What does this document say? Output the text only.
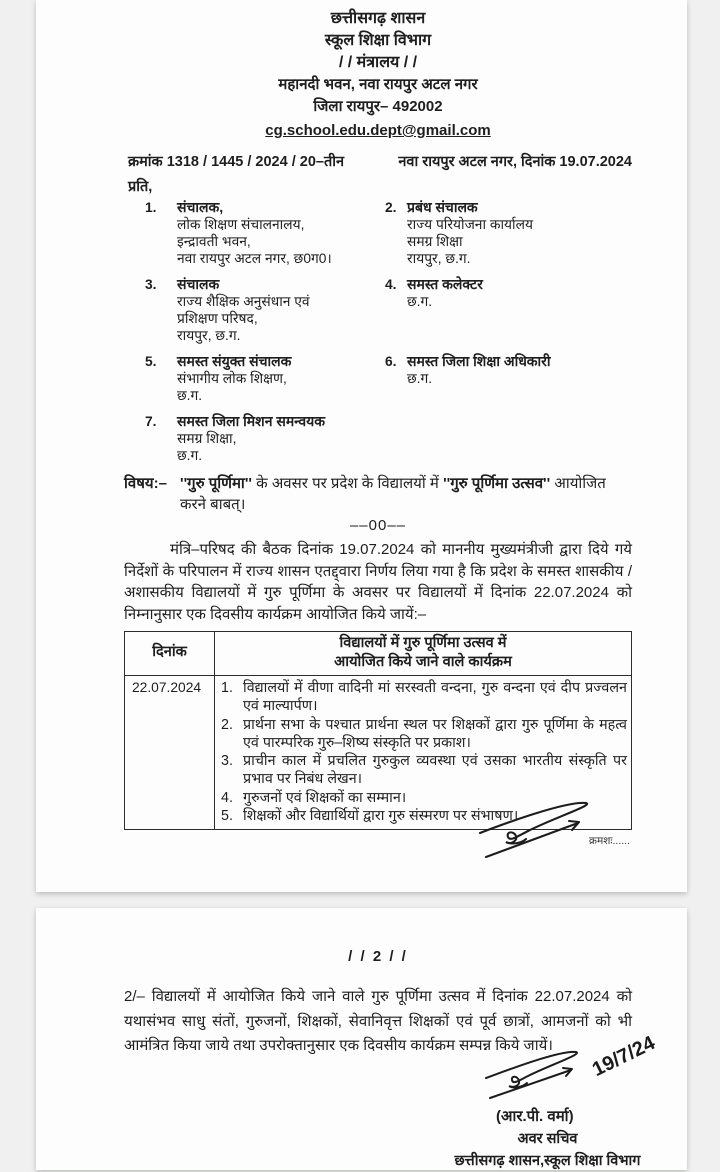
छत्तीसगढ़ शासन
स्कूल शिक्षा विभाग
/ / मंत्रालय / /
महानदी भवन, नवा रायपुर अटल नगर
जिला रायपुर– 492002
cg.school.edu.dept@gmail.com
क्रमांक 1318 / 1445 / 2024 / 20–तीन	नवा रायपुर अटल नगर, दिनांक 19.07.2024
प्रति,
1.	संचालक,
लोक शिक्षण संचालनालय,
इन्द्रावती भवन,
नवा रायपुर अटल नगर, छ0ग0।
2. प्रबंध संचालक
राज्य परियोजना कार्यालय
समग्र शिक्षा
रायपुर, छ.ग.
3.	संचालक
राज्य शैक्षिक अनुसंधान एवं
प्रशिक्षण परिषद,
रायपुर, छ.ग.
4. समस्त कलेक्टर
छ.ग.
5.	समस्त संयुक्त संचालक
संभागीय लोक शिक्षण,
छ.ग.
6. समस्त जिला शिक्षा अधिकारी
छ.ग.
7.	समस्त जिला मिशन समन्वयक
समग्र शिक्षा,
छ.ग.
विषय:– ''गुरु पूर्णिमा'' के अवसर पर प्रदेश के विद्यालयों में ''गुरु पूर्णिमा उत्सव'' आयोजित करने बाबत्।
––00––
मंत्रि–परिषद की बैठक दिनांक 19.07.2024 को माननीय मुख्यमंत्रीजी द्वारा दिये गये निर्देशों के परिपालन में राज्य शासन एतद्द्वारा निर्णय लिया गया है कि प्रदेश के समस्त शासकीय / अशासकीय विद्यालयों में गुरु पूर्णिमा के अवसर पर विद्यालयों में दिनांक 22.07.2024 को निम्नानुसार एक दिवसीय कार्यक्रम आयोजित किये जायें:–
दिनांक
विद्यालयों में गुरु पूर्णिमा उत्सव में
आयोजित किये जाने वाले कार्यक्रम
22.07.2024	1. विद्यालयों में वीणा वादिनी मां सरस्वती वन्दना, गुरु वन्दना एवं दीप प्रज्वलन एवं माल्यार्पण।
2. प्रार्थना सभा के पश्चात प्रार्थना स्थल पर शिक्षकों द्वारा गुरु पूर्णिमा के महत्व एवं पारम्परिक गुरु–शिष्य संस्कृति पर प्रकाश।
3. प्राचीन काल में प्रचलित गुरुकुल व्यवस्था एवं उसका भारतीय संस्कृति पर प्रभाव पर निबंध लेखन।
4. गुरुजनों एवं शिक्षकों का सम्मान।
5. शिक्षकों और विद्यार्थियों द्वारा गुरु संस्मरण पर संभाषण।
क्रमशः......
/ / 2 / /
2/– विद्यालयों में आयोजित किये जाने वाले गुरु पूर्णिमा उत्सव में दिनांक 22.07.2024 को यथासंभव साधु संतों, गुरुजनों, शिक्षकों, सेवानिवृत्त शिक्षकों एवं पूर्व छात्रों, आमजनों को भी आमंत्रित किया जाये तथा उपरोक्तानुसार एक दिवसीय कार्यक्रम सम्पन्न किये जायें।	19/7/24
(आर.पी. वर्मा)
अवर सचिव
छत्तीसगढ़ शासन,स्कूल शिक्षा विभाग
